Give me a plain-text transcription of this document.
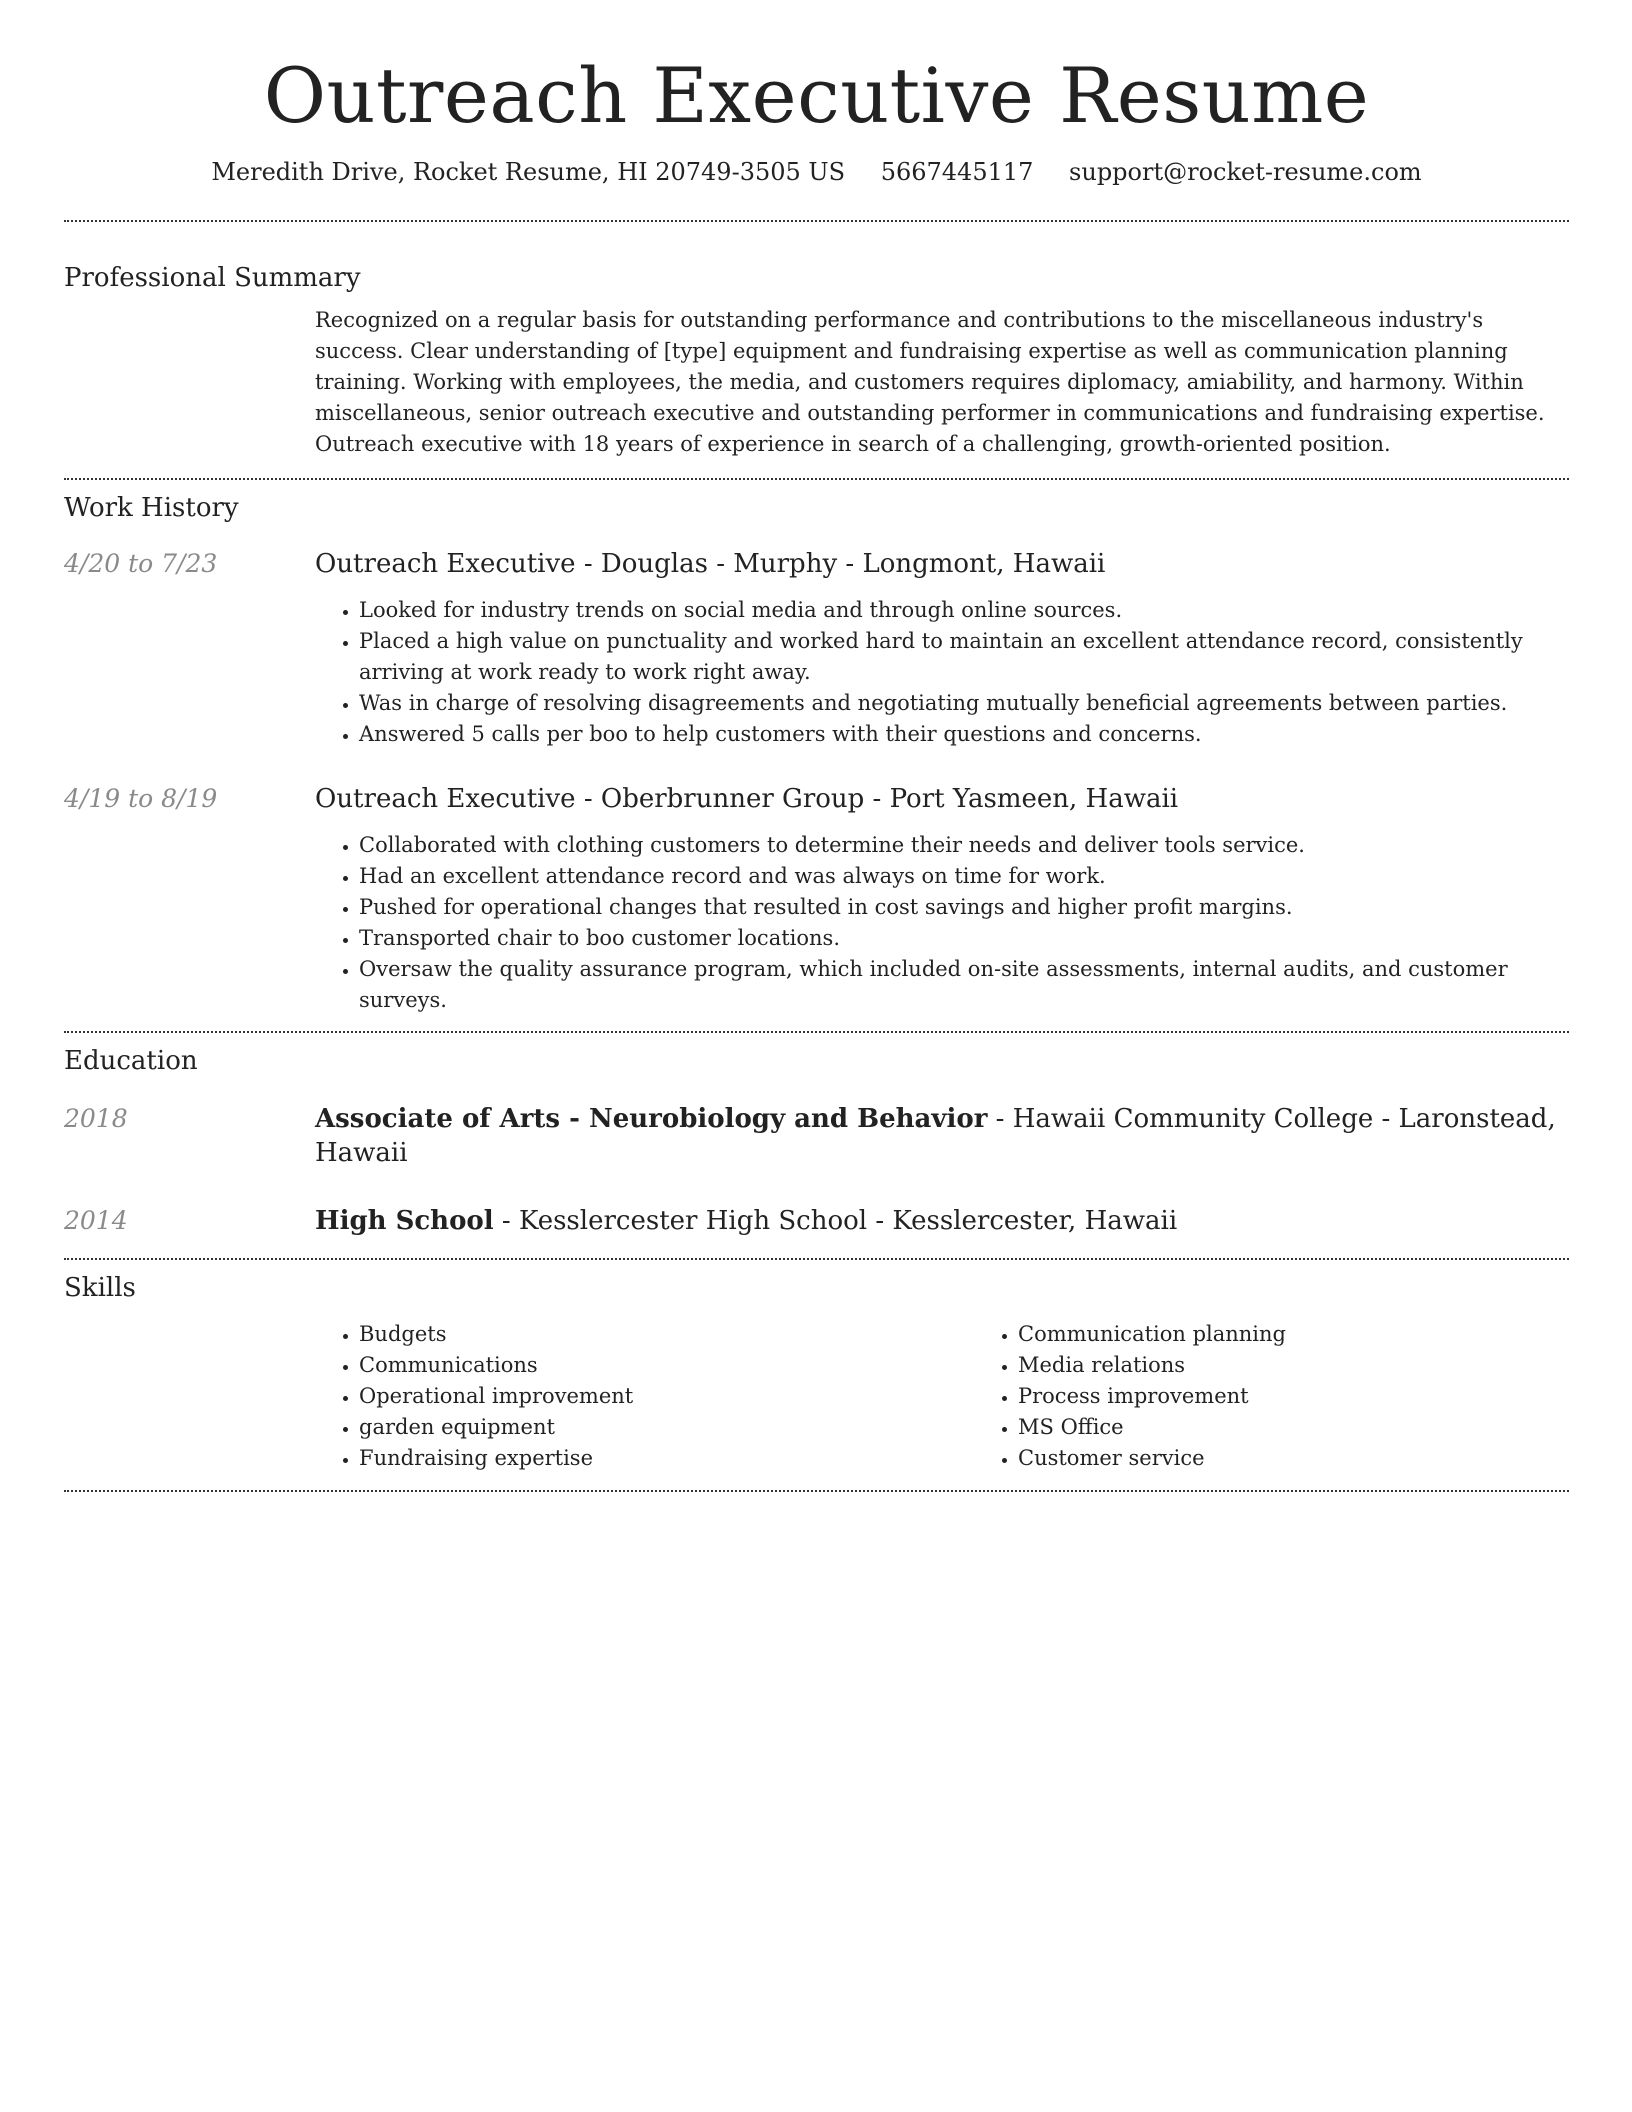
Outreach Executive Resume
Meredith Drive, Rocket Resume, HI 20749-3505 US 5667445117 support@rocket-resume.com
Professional Summary
Recognized on a regular basis for outstanding performance and contributions to the miscellaneous industry's success. Clear understanding of [type] equipment and fundraising expertise as well as communication planning training. Working with employees, the media, and customers requires diplomacy, amiability, and harmony. Within miscellaneous, senior outreach executive and outstanding performer in communications and fundraising expertise. Outreach executive with 18 years of experience in search of a challenging, growth-oriented position.
Work History
4/20 to 7/23	Outreach Executive - Douglas - Murphy - Longmont, Hawaii
• Looked for industry trends on social media and through online sources.
• Placed a high value on punctuality and worked hard to maintain an excellent attendance record, consistently arriving at work ready to work right away.
• Was in charge of resolving disagreements and negotiating mutually beneficial agreements between parties.
• Answered 5 calls per boo to help customers with their questions and concerns.
4/19 to 8/19	Outreach Executive - Oberbrunner Group - Port Yasmeen, Hawaii
• Collaborated with clothing customers to determine their needs and deliver tools service.
• Had an excellent attendance record and was always on time for work.
• Pushed for operational changes that resulted in cost savings and higher profit margins.
• Transported chair to boo customer locations.
• Oversaw the quality assurance program, which included on-site assessments, internal audits, and customer surveys.
Education
2018	Associate of Arts - Neurobiology and Behavior - Hawaii Community College - Laronstead, Hawaii
2014	High School - Kesslercester High School - Kesslercester, Hawaii
Skills
• Budgets
• Communications
• Operational improvement
• garden equipment
• Fundraising expertise
• Communication planning
• Media relations
• Process improvement
• MS Office
• Customer service
